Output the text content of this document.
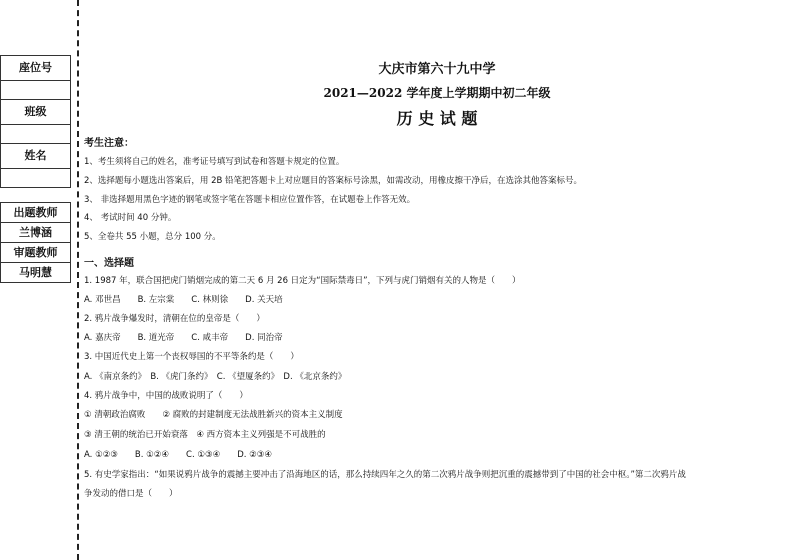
座位号
班级
姓名
出题教师
兰博涵
审题教师
马明慧
大庆市第六十九中学
2021—2022 学年度上学期期中初二年级
历 史 试 题
考生注意：
1、考生须将自己的姓名，准考证号填写到试卷和答题卡规定的位置。
2、选择题每小题选出答案后，用 2B 铅笔把答题卡上对应题目的答案标号涂黑，如需改动，用橡皮擦干净后，在选涂其他答案标号。
3、 非选择题用黑色字迹的钢笔或签字笔在答题卡相应位置作答，在试题卷上作答无效。
4、 考试时间 40 分钟。
5、全卷共 55 小题，总分 100 分。
一、选择题
1. 1987 年，联合国把虎门销烟完成的第二天 6 月 26 日定为“国际禁毒日”，下列与虎门销烟有关的人物是（　　）
A. 邓世昌　　B. 左宗棠　　C. 林则徐　　D. 关天培
2. 鸦片战争爆发时，清朝在位的皇帝是（　　）
A. 嘉庆帝　　B. 道光帝　　C. 咸丰帝　　D. 同治帝
3. 中国近代史上第一个丧权辱国的不平等条约是（　　）
A. 《南京条约》　B. 《虎门条约》　C. 《望厦条约》　D. 《北京条约》
4. 鸦片战争中，中国的战败说明了（　　）
① 清朝政治腐败　　② 腐败的封建制度无法战胜新兴的资本主义制度
③ 清王朝的统治已开始衰落　④ 西方资本主义列强是不可战胜的
A. ①②③　　B. ①②④　　C. ①③④　　D. ②③④
5. 有史学家指出：“如果说鸦片战争的震撼主要冲击了沿海地区的话，那么持续四年之久的第二次鸦片战争则把沉重的震撼带到了中国的社会中枢。”第二次鸦片战
争发动的借口是（　　）
